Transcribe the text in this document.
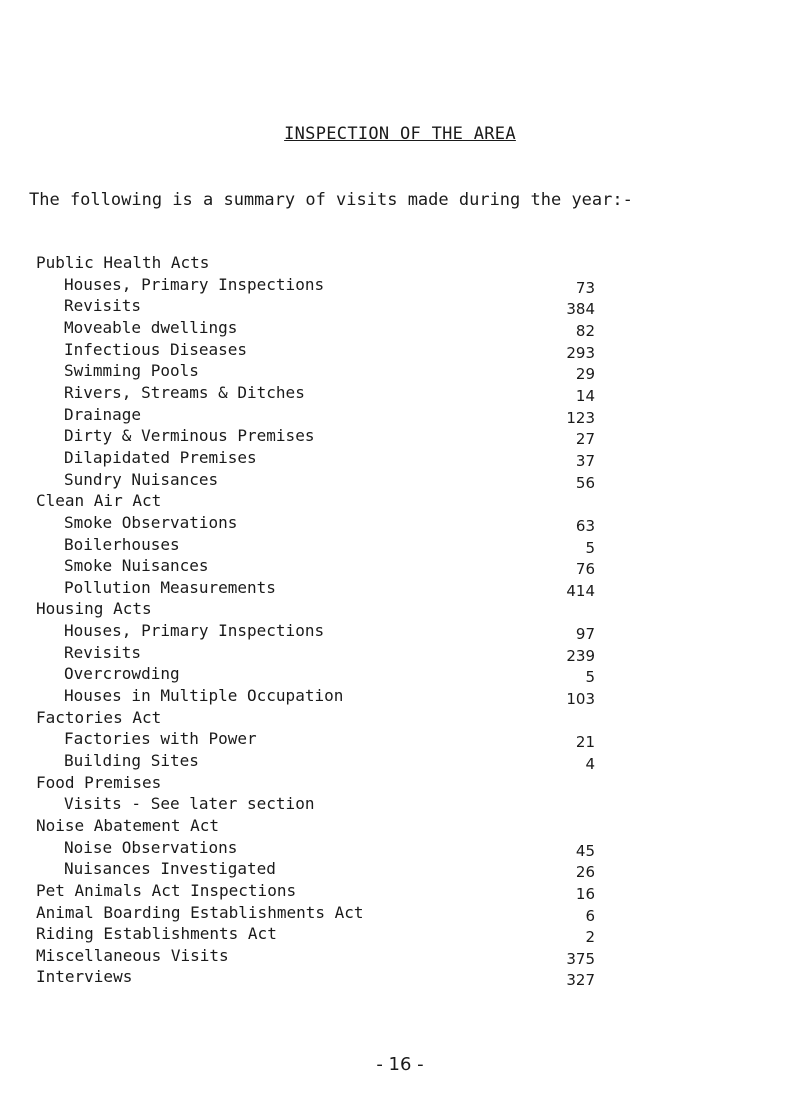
INSPECTION OF THE AREA
The following is a summary of visits made during the year:-
Public Health Acts
Houses, Primary Inspections	73
Revisits	384
Moveable dwellings	82
Infectious Diseases	293
Swimming Pools	29
Rivers, Streams & Ditches	14
Drainage	123
Dirty & Verminous Premises	27
Dilapidated Premises	37
Sundry Nuisances	56
Clean Air Act
Smoke Observations	63
Boilerhouses	5
Smoke Nuisances	76
Pollution Measurements	414
Housing Acts
Houses, Primary Inspections	97
Revisits	239
Overcrowding	5
Houses in Multiple Occupation	103
Factories Act
Factories with Power	21
Building Sites	4
Food Premises
Visits - See later section
Noise Abatement Act
Noise Observations	45
Nuisances Investigated	26
Pet Animals Act Inspections	16
Animal Boarding Establishments Act	6
Riding Establishments Act	2
Miscellaneous Visits	375
Interviews	327
- 16 -
